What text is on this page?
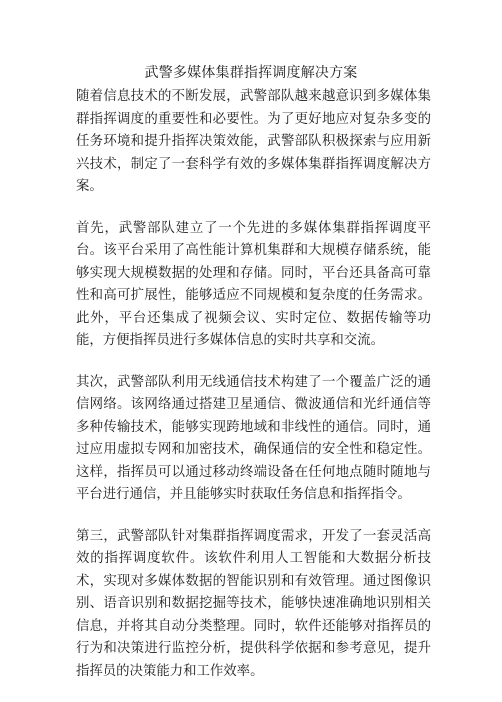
武警多媒体集群指挥调度解决方案

随着信息技术的不断发展，武警部队越来越意识到多媒体集群指挥调度的重要性和必要性。为了更好地应对复杂多变的任务环境和提升指挥决策效能，武警部队积极探索与应用新兴技术，制定了一套科学有效的多媒体集群指挥调度解决方案。

首先，武警部队建立了一个先进的多媒体集群指挥调度平台。该平台采用了高性能计算机集群和大规模存储系统，能够实现大规模数据的处理和存储。同时，平台还具备高可靠性和高可扩展性，能够适应不同规模和复杂度的任务需求。此外，平台还集成了视频会议、实时定位、数据传输等功能，方便指挥员进行多媒体信息的实时共享和交流。

其次，武警部队利用无线通信技术构建了一个覆盖广泛的通信网络。该网络通过搭建卫星通信、微波通信和光纤通信等多种传输技术，能够实现跨地域和非线性的通信。同时，通过应用虚拟专网和加密技术，确保通信的安全性和稳定性。这样，指挥员可以通过移动终端设备在任何地点随时随地与平台进行通信，并且能够实时获取任务信息和指挥指令。

第三，武警部队针对集群指挥调度需求，开发了一套灵活高效的指挥调度软件。该软件利用人工智能和大数据分析技术，实现对多媒体数据的智能识别和有效管理。通过图像识别、语音识别和数据挖掘等技术，能够快速准确地识别相关信息，并将其自动分类整理。同时，软件还能够对指挥员的行为和决策进行监控分析，提供科学依据和参考意见，提升指挥员的决策能力和工作效率。
